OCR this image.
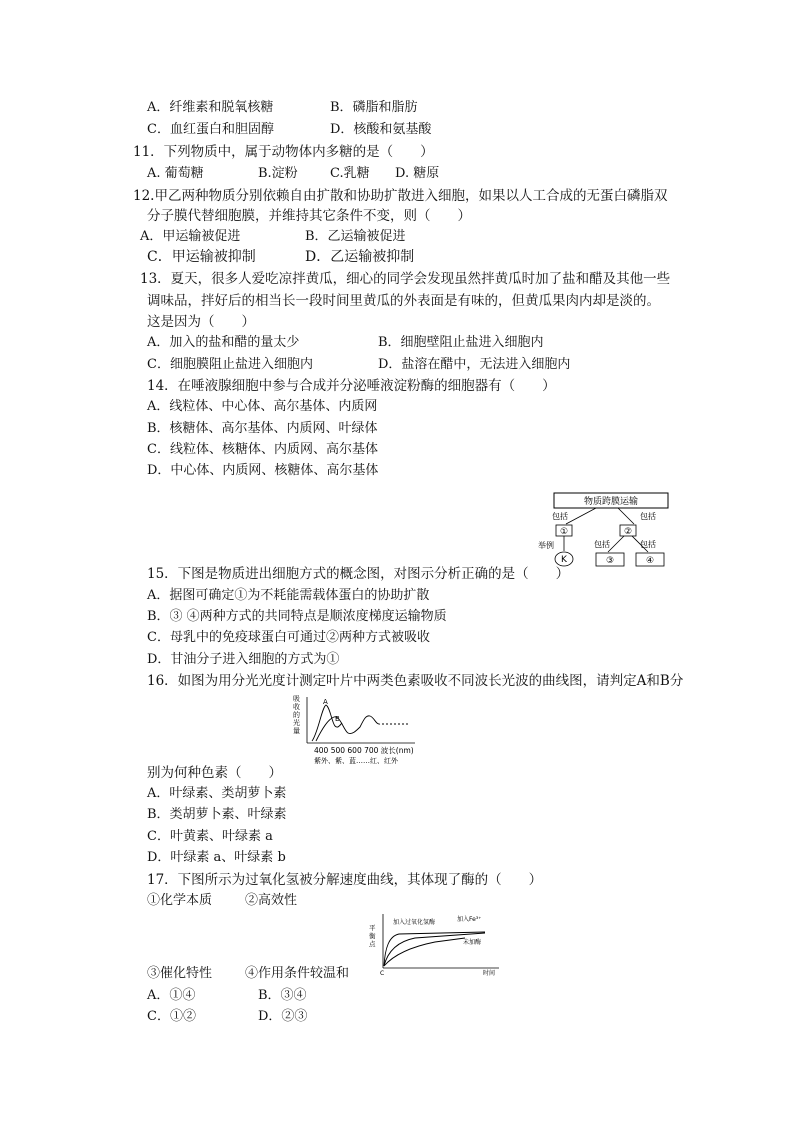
A．纤维素和脱氧核糖	B．磷脂和脂肪
C．血红蛋白和胆固醇	D．核酸和氨基酸
11．下列物质中，属于动物体内多糖的是（　　）
A. 葡萄糖	B.淀粉 C.乳糖 D. 糖原
12.甲乙两种物质分别依赖自由扩散和协助扩散进入细胞，如果以人工合成的无蛋白磷脂双
分子膜代替细胞膜，并维持其它条件不变，则（　　）
A．甲运输被促进	B．乙运输被促进
C．甲运输被抑制	D．乙运输被抑制
13．夏天，很多人爱吃凉拌黄瓜，细心的同学会发现虽然拌黄瓜时加了盐和醋及其他一些
调味品，拌好后的相当长一段时间里黄瓜的外表面是有味的，但黄瓜果肉内却是淡的。
这是因为（　　）
A．加入的盐和醋的量太少	B．细胞壁阻止盐进入细胞内
C．细胞膜阻止盐进入细胞内	D．盐溶在醋中，无法进入细胞内
14．在唾液腺细胞中参与合成并分泌唾液淀粉酶的细胞器有（　　）
A．线粒体、中心体、高尔基体、内质网
B．核糖体、高尔基体、内质网、叶绿体
C．线粒体、核糖体、内质网、高尔基体
D．中心体、内质网、核糖体、高尔基体
物质跨膜运输
包括	包括
①	②
举例
K
包括	包括
③	④
15．下图是物质进出细胞方式的概念图，对图示分析正确的是（　　）
A．据图可确定①为不耗能需载体蛋白的协助扩散
B．③ ④两种方式的共同特点是顺浓度梯度运输物质
C．母乳中的免疫球蛋白可通过②两种方式被吸收
D．甘油分子进入细胞的方式为①
16．如图为用分光光度计测定叶片中两类色素吸收不同波长光波的曲线图，请判定A和B分
吸
收
的
光
量
A
B
400 500 600 700 波长(nm)
紫外、紫、蓝……红、红外
别为何种色素（　　）
A．叶绿素、类胡萝卜素
B．类胡萝卜素、叶绿素
C．叶黄素、叶绿素 a
D．叶绿素 a、叶绿素 b
17．下图所示为过氧化氢被分解速度曲线，其体现了酶的（　　）
①化学本质	②高效性
平
衡
点
加入过氧化氢酶	加入Fe³⁺
未加酶
C	时间
③催化特性	④作用条件较温和
A．①④	B．③④
C．①②	D．②③
